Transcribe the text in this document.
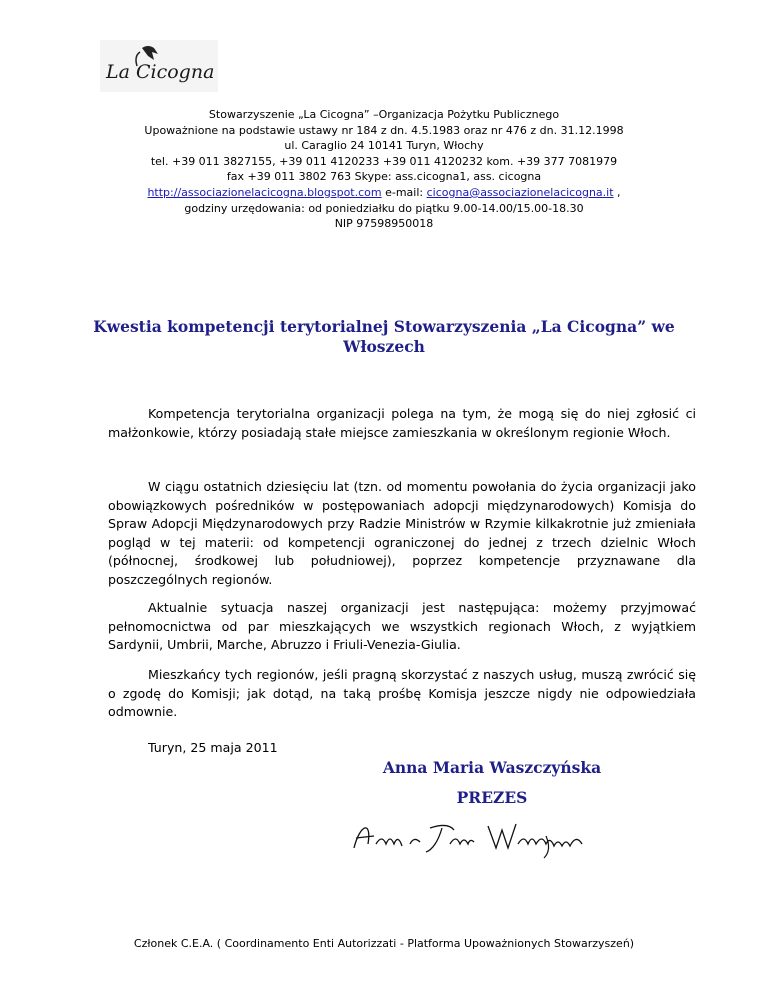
La Cicogna
Stowarzyszenie „La Cicogna” –Organizacja Pożytku Publicznego
Upoważnione na podstawie ustawy nr 184 z dn. 4.5.1983 oraz nr 476 z dn. 31.12.1998
ul. Caraglio 24 10141 Turyn, Włochy
tel. +39 011 3827155, +39 011 4120233 +39 011 4120232 kom. +39 377 7081979
fax +39 011 3802 763 Skype: ass.cicogna1, ass. cicogna
http://associazionelacicogna.blogspot.com e-mail: cicogna@associazionelacicogna.it ,
godziny urzędowania: od poniedziałku do piątku 9.00-14.00/15.00-18.30
NIP 97598950018
Kwestia kompetencji terytorialnej Stowarzyszenia „La Cicogna” we Włoszech

Kompetencja terytorialna organizacji polega na tym, że mogą się do niej zgłosić ci małżonkowie, którzy posiadają stałe miejsce zamieszkania w określonym regionie Włoch.

W ciągu ostatnich dziesięciu lat (tzn. od momentu powołania do życia organizacji jako obowiązkowych pośredników w postępowaniach adopcji międzynarodowych) Komisja do Spraw Adopcji Międzynarodowych przy Radzie Ministrów w Rzymie kilkakrotnie już zmieniała pogląd w tej materii: od kompetencji ograniczonej do jednej z trzech dzielnic Włoch (północnej, środkowej lub południowej), poprzez kompetencje przyznawane dla poszczególnych regionów.

Aktualnie sytuacja naszej organizacji jest następująca: możemy przyjmować pełnomocnictwa od par mieszkających we wszystkich regionach Włoch, z wyjątkiem Sardynii, Umbrii, Marche, Abruzzo i Friuli-Venezia-Giulia.

Mieszkańcy tych regionów, jeśli pragną skorzystać z naszych usług, muszą zwrócić się o zgodę do Komisji; jak dotąd, na taką prośbę Komisja jeszcze nigdy nie odpowiedziała odmownie.

Turyn, 25 maja 2011
Anna Maria Waszczyńska
PREZES
Członek C.E.A. ( Coordinamento Enti Autorizzati - Platforma Upoważnionych Stowarzyszeń)
